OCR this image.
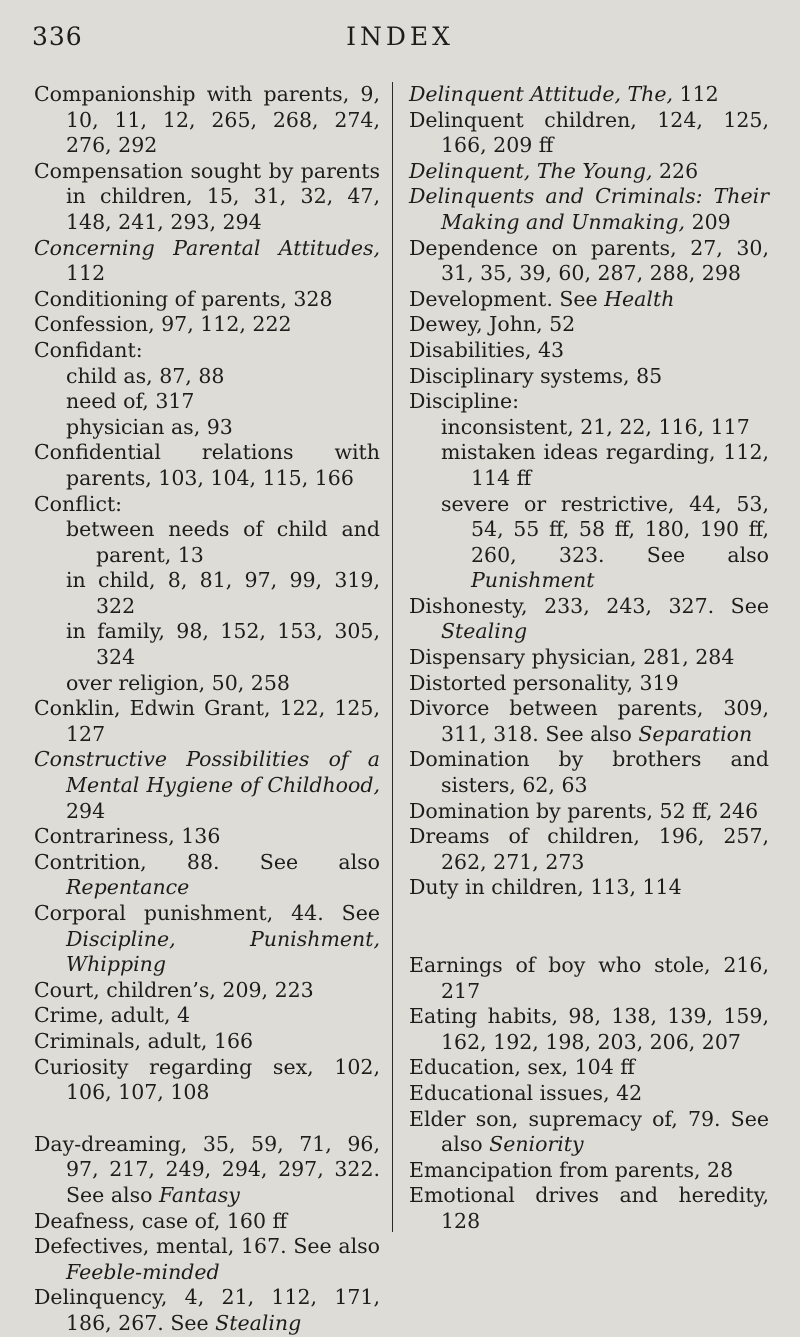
336	INDEX
Companionship with parents, 9, 10, 11, 12, 265, 268, 274, 276, 292
Compensation sought by parents in children, 15, 31, 32, 47, 148, 241, 293, 294
Concerning Parental Attitudes, 112
Conditioning of parents, 328
Confession, 97, 112, 222
Confidant:
child as, 87, 88
need of, 317
physician as, 93
Confidential relations with parents, 103, 104, 115, 166
Conflict:
between needs of child and parent, 13
in child, 8, 81, 97, 99, 319, 322
in family, 98, 152, 153, 305, 324
over religion, 50, 258
Conklin, Edwin Grant, 122, 125, 127
Constructive Possibilities of a Mental Hygiene of Childhood, 294
Contrariness, 136
Contrition, 88. See also Repentance
Corporal punishment, 44. See Discipline, Punishment, Whipping
Court, children’s, 209, 223
Crime, adult, 4
Criminals, adult, 166
Curiosity regarding sex, 102, 106, 107, 108
Day-dreaming, 35, 59, 71, 96, 97, 217, 249, 294, 297, 322. See also Fantasy
Deafness, case of, 160 ff
Defectives, mental, 167. See also Feeble-minded
Delinquency, 4, 21, 112, 171, 186, 267. See Stealing
Delinquent Attitude, The, 112
Delinquent children, 124, 125, 166, 209 ff
Delinquent, The Young, 226
Delinquents and Criminals: Their Making and Unmaking, 209
Dependence on parents, 27, 30, 31, 35, 39, 60, 287, 288, 298
Development. See Health
Dewey, John, 52
Disabilities, 43
Disciplinary systems, 85
Discipline:
inconsistent, 21, 22, 116, 117
mistaken ideas regarding, 112, 114 ff
severe or restrictive, 44, 53, 54, 55 ff, 58 ff, 180, 190 ff, 260, 323. See also Punishment
Dishonesty, 233, 243, 327. See Stealing
Dispensary physician, 281, 284
Distorted personality, 319
Divorce between parents, 309, 311, 318. See also Separation
Domination by brothers and sisters, 62, 63
Domination by parents, 52 ff, 246
Dreams of children, 196, 257, 262, 271, 273
Duty in children, 113, 114
Earnings of boy who stole, 216, 217
Eating habits, 98, 138, 139, 159, 162, 192, 198, 203, 206, 207
Education, sex, 104 ff
Educational issues, 42
Elder son, supremacy of, 79. See also Seniority
Emancipation from parents, 28
Emotional drives and heredity, 128
